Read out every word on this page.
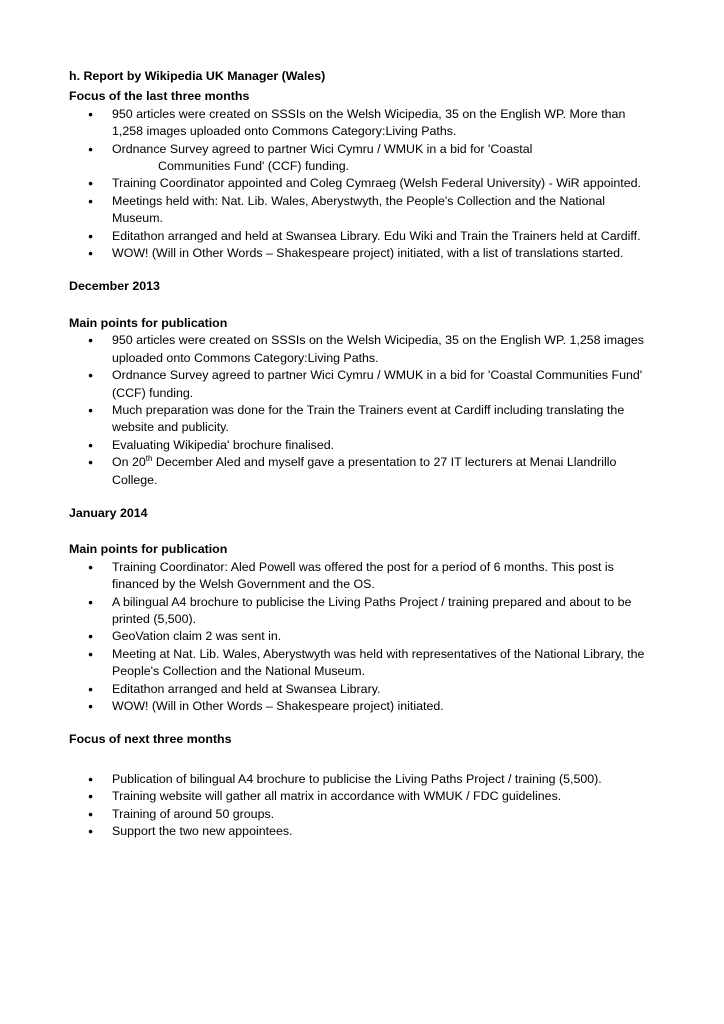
h. Report by Wikipedia UK Manager (Wales)

Focus of the last three months

● 950 articles were created on SSSIs on the Welsh Wicipedia, 35 on the English WP. More than 1,258 images uploaded onto Commons Category:Living Paths.
● Ordnance Survey agreed to partner Wici Cymru / WMUK in a bid for 'Coastal
Communities Fund' (CCF) funding.
● Training Coordinator appointed and Coleg Cymraeg (Welsh Federal University) - WiR appointed.
● Meetings held with: Nat. Lib. Wales, Aberystwyth, the People's Collection and the National Museum.
● Editathon arranged and held at Swansea Library. Edu Wiki and Train the Trainers held at Cardiff.
● WOW! (Will in Other Words – Shakespeare project) initiated, with a list of translations started.

December 2013

Main points for publication

● 950 articles were created on SSSIs on the Welsh Wicipedia, 35 on the English WP. 1,258 images uploaded onto Commons Category:Living Paths.
● Ordnance Survey agreed to partner Wici Cymru / WMUK in a bid for 'Coastal Communities Fund' (CCF) funding.
● Much preparation was done for the Train the Trainers event at Cardiff including translating the website and publicity.
● Evaluating Wikipedia' brochure finalised.
● On 20th December Aled and myself gave a presentation to 27 IT lecturers at Menai Llandrillo College.

January 2014

Main points for publication

● Training Coordinator: Aled Powell was offered the post for a period of 6 months. This post is financed by the Welsh Government and the OS.
● A bilingual A4 brochure to publicise the Living Paths Project / training prepared and about to be printed (5,500).
● GeoVation claim 2 was sent in.
● Meeting at Nat. Lib. Wales, Aberystwyth was held with representatives of the National Library, the People's Collection and the National Museum.
● Editathon arranged and held at Swansea Library.
● WOW! (Will in Other Words – Shakespeare project) initiated.

Focus of next three months

● Publication of bilingual A4 brochure to publicise the Living Paths Project / training (5,500).
● Training website will gather all matrix in accordance with WMUK / FDC guidelines.
● Training of around 50 groups.
● Support the two new appointees.
